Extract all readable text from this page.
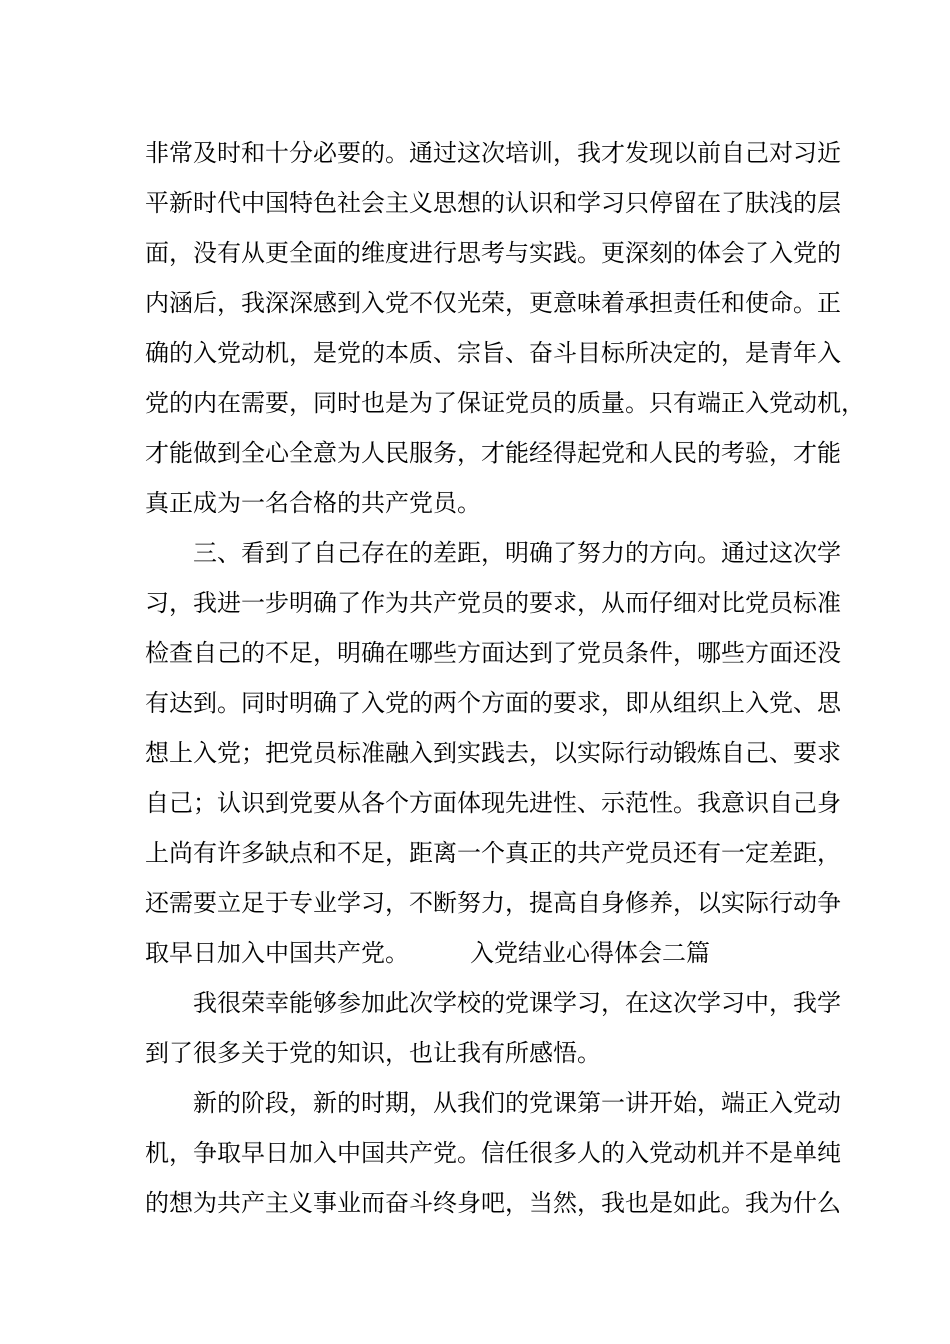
非常及时和十分必要的。通过这次培训，我才发现以前自己对习近

平新时代中国特色社会主义思想的认识和学习只停留在了肤浅的层

面，没有从更全面的维度进行思考与实践。更深刻的体会了入党的

内涵后，我深深感到入党不仅光荣，更意味着承担责任和使命。正

确的入党动机，是党的本质、宗旨、奋斗目标所决定的，是青年入

党的内在需要，同时也是为了保证党员的质量。只有端正入党动机，

才能做到全心全意为人民服务，才能经得起党和人民的考验，才能

真正成为一名合格的共产党员。

三、看到了自己存在的差距，明确了努力的方向。通过这次学

习，我进一步明确了作为共产党员的要求，从而仔细对比党员标准

检查自己的不足，明确在哪些方面达到了党员条件，哪些方面还没

有达到。同时明确了入党的两个方面的要求，即从组织上入党、思

想上入党；把党员标准融入到实践去，以实际行动锻炼自己、要求

自己；认识到党要从各个方面体现先进性、示范性。我意识自己身

上尚有许多缺点和不足，距离一个真正的共产党员还有一定差距，

还需要立足于专业学习，不断努力，提高自身修养，以实际行动争

取早日加入中国共产党。        入党结业心得体会二篇

我很荣幸能够参加此次学校的党课学习，在这次学习中，我学

到了很多关于党的知识，也让我有所感悟。

新的阶段，新的时期，从我们的党课第一讲开始，端正入党动

机，争取早日加入中国共产党。信任很多人的入党动机并不是单纯

的想为共产主义事业而奋斗终身吧，当然，我也是如此。我为什么
